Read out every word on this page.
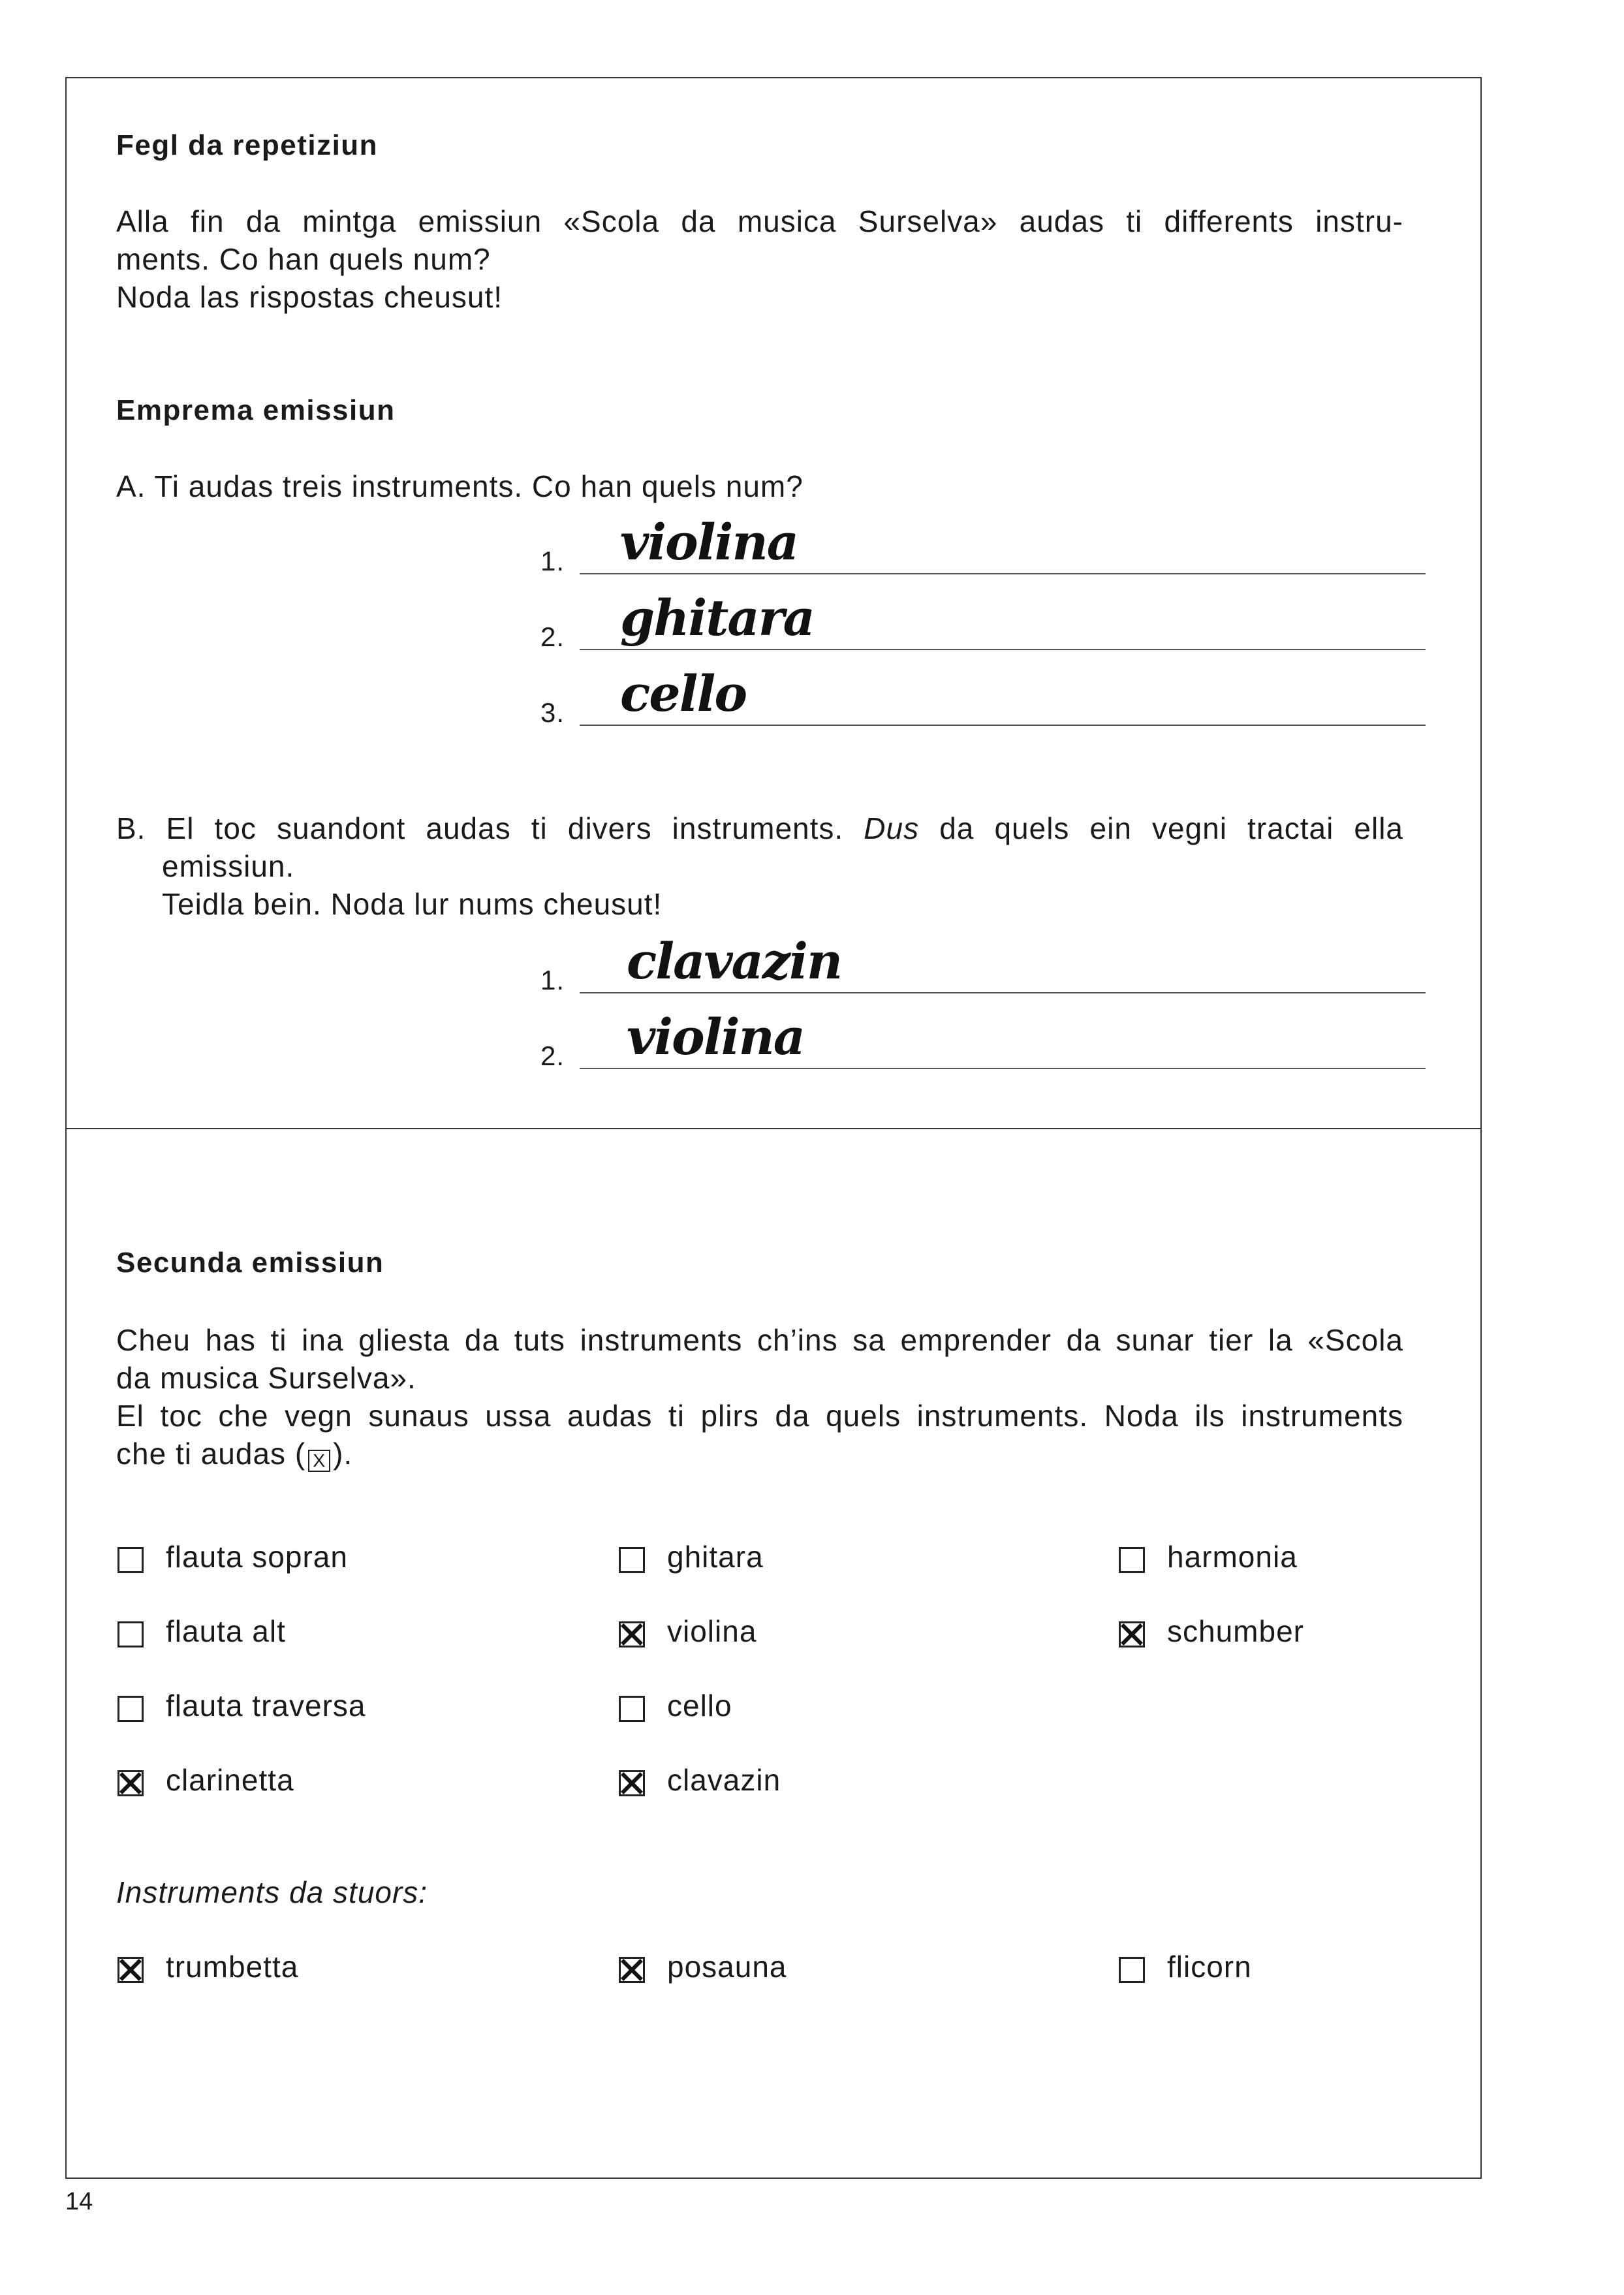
Fegl da repetiziun
Alla fin da mintga emissiun «Scola da musica Surselva» audas ti differents instru-
ments. Co han quels num?
Noda las rispostas cheusut!
Emprema emissiun
A. Ti audas treis instruments. Co han quels num?
1. violina
2. ghitara
3. cello
B. El toc suandont audas ti divers instruments. Dus da quels ein vegni tractai ella
emissiun.
Teidla bein. Noda lur nums cheusut!
1. clavazin
2. violina
Secunda emissiun
Cheu has ti ina gliesta da tuts instruments ch’ins sa emprender da sunar tier la «Scola
da musica Surselva».
El toc che vegn sunaus ussa audas ti plirs da quels instruments. Noda ils instruments
che ti audas ( X ).
flauta sopran	ghitara	harmonia
flauta alt	violina	schumber
flauta traversa	cello
clarinetta	clavazin
Instruments da stuors:
trumbetta	posauna	flicorn
14
